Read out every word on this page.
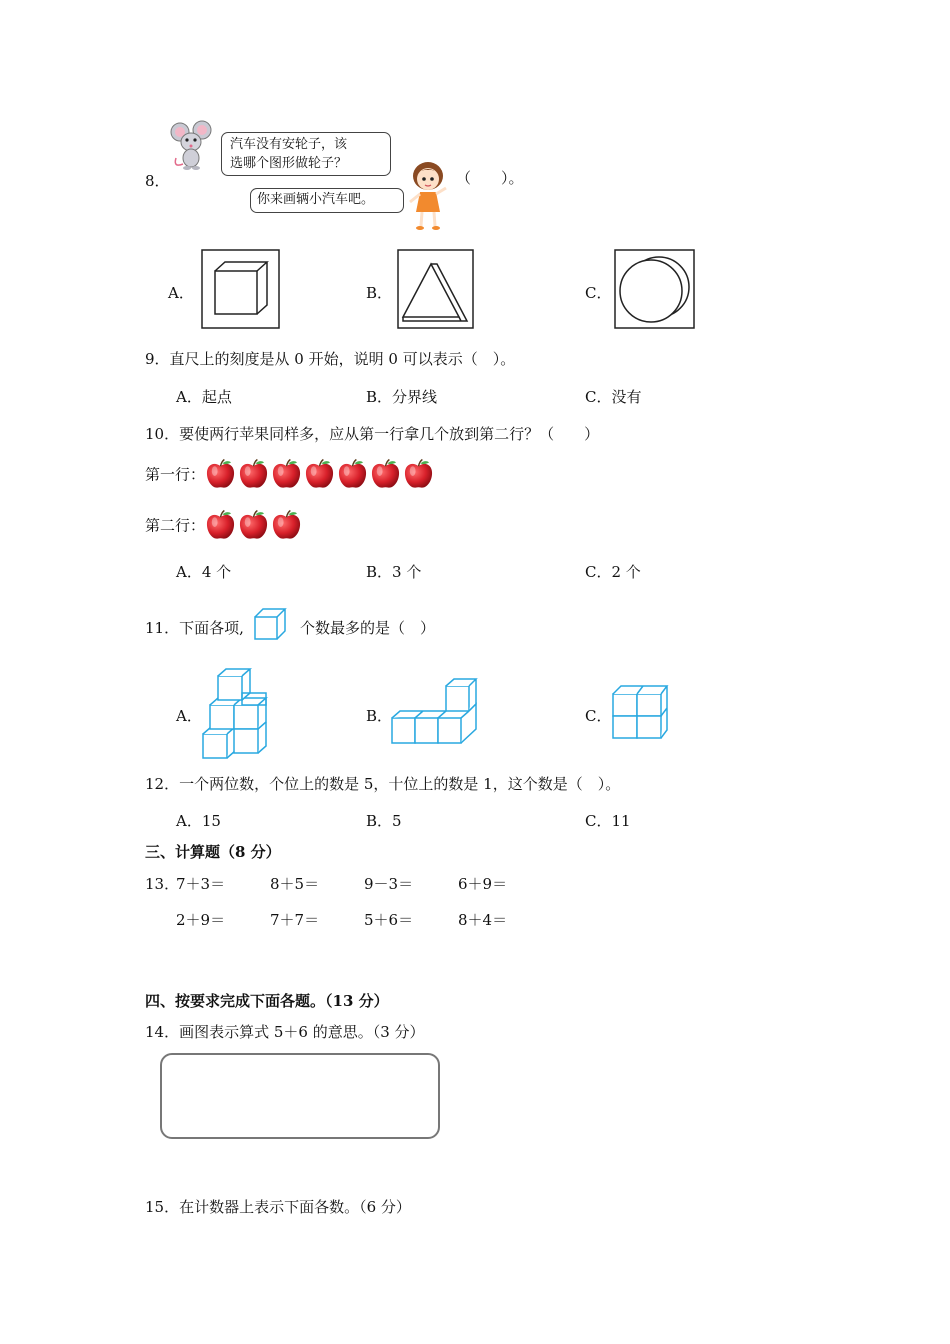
汽车没有安轮子，该
选哪个图形做轮子？
8．
你来画辆小汽车吧。
（　　）。
A．	B．	C．
9．直尺上的刻度是从 0 开始，说明 0 可以表示（　）。
A．起点	B．分界线	C．没有
10．要使两行苹果同样多，应从第一行拿几个放到第二行？（　　）
第一行：
第二行：
A．4 个	B．3 个	C．2 个
11．下面各项,	个数最多的是（　）
A．	B．	C．
12．一个两位数，个位上的数是 5，十位上的数是 1，这个数是（　）。
A．15	B．5	C．11
三、计算题（8 分）
13．
7＋3＝	8＋5＝	9－3＝	6＋9＝
2＋9＝	7＋7＝	5＋6＝	8＋4＝
四、按要求完成下面各题。（13 分）
14．画图表示算式 5＋6 的意思。（3 分）
15．在计数器上表示下面各数。（6 分）
